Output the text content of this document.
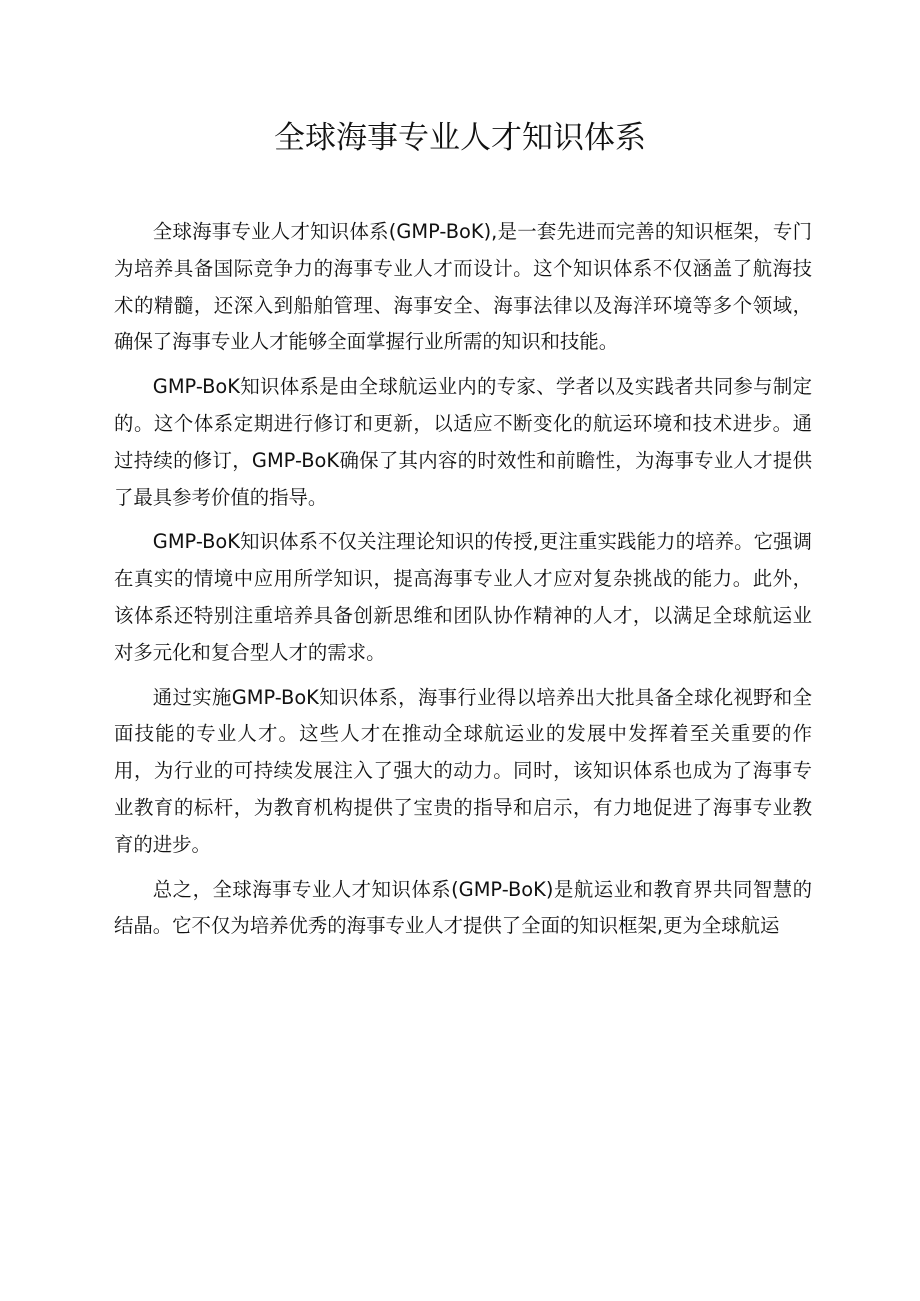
全球海事专业人才知识体系

全球海事专业人才知识体系(GMP-BoK),是一套先进而完善的知识框架，专门为培养具备国际竞争力的海事专业人才而设计。这个知识体系不仅涵盖了航海技术的精髓，还深入到船舶管理、海事安全、海事法律以及海洋环境等多个领域，确保了海事专业人才能够全面掌握行业所需的知识和技能。

GMP-BoK知识体系是由全球航运业内的专家、学者以及实践者共同参与制定的。这个体系定期进行修订和更新，以适应不断变化的航运环境和技术进步。通过持续的修订，GMP-BoK确保了其内容的时效性和前瞻性，为海事专业人才提供了最具参考价值的指导。

GMP-BoK知识体系不仅关注理论知识的传授,更注重实践能力的培养。它强调在真实的情境中应用所学知识，提高海事专业人才应对复杂挑战的能力。此外，该体系还特别注重培养具备创新思维和团队协作精神的人才，以满足全球航运业对多元化和复合型人才的需求。

通过实施GMP-BoK知识体系，海事行业得以培养出大批具备全球化视野和全面技能的专业人才。这些人才在推动全球航运业的发展中发挥着至关重要的作用，为行业的可持续发展注入了强大的动力。同时，该知识体系也成为了海事专业教育的标杆，为教育机构提供了宝贵的指导和启示，有力地促进了海事专业教育的进步。

总之，全球海事专业人才知识体系(GMP-BoK)是航运业和教育界共同智慧的结晶。它不仅为培养优秀的海事专业人才提供了全面的知识框架,更为全球航运
